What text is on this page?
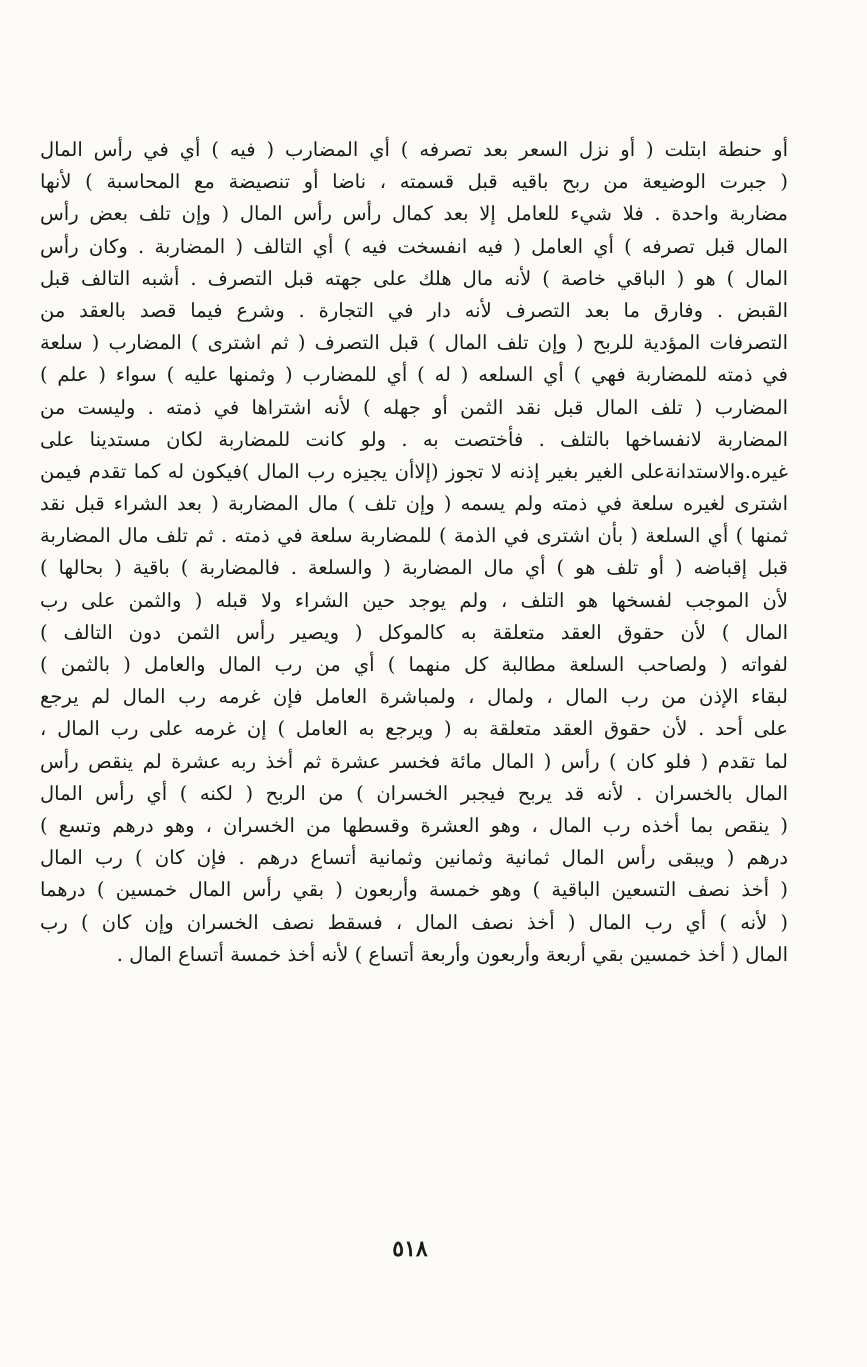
أو حنطة ابتلت ( أو نزل السعر بعد تصرفه ) أي المضارب ( فيه ) أي في رأس المال
( جبرت الوضيعة من ربح باقيه قبل قسمته ، ناضا أو تنصيضة مع المحاسبة ) لأنها
مضاربة واحدة . فلا شيء للعامل إلا بعد كمال رأس رأس المال ( وإن تلف بعض رأس
المال قبل تصرفه ) أي العامل ( فيه انفسخت فيه ) أي التالف ( المضاربة . وكان رأس
المال ) هو ( الباقي خاصة ) لأنه مال هلك على جهته قبل التصرف . أشبه التالف قبل
القبض . وفارق ما بعد التصرف لأنه دار في التجارة . وشرع فيما قصد بالعقد من
التصرفات المؤدية للربح ( وإن تلف المال ) قبل التصرف ( ثم اشترى ) المضارب ( سلعة
في ذمته للمضاربة فهي ) أي السلعه ( له ) أي للمضارب ( وثمنها عليه ) سواء ( علم )
المضارب ( تلف المال قبل نقد الثمن أو جهله ) لأنه اشتراها في ذمته . وليست من
المضاربة لانفساخها بالتلف . فأختصت به . ولو كانت للمضاربة لكان مستدينا على
غيره.والاستدانةعلى الغير بغير إذنه لا تجوز (إلاأن يجيزه رب المال )فيكون له كما تقدم فيمن
اشترى لغيره سلعة في ذمته ولم يسمه ( وإن تلف ) مال المضاربة ( بعد الشراء قبل نقد
ثمنها ) أي السلعة ( بأن اشترى في الذمة ) للمضاربة سلعة في ذمته . ثم تلف مال المضاربة
قبل إقباضه ( أو تلف هو ) أي مال المضاربة ( والسلعة . فالمضاربة ) باقية ( بحالها )
لأن الموجب لفسخها هو التلف ، ولم يوجد حين الشراء ولا قبله ( والثمن على رب
المال ) لأن حقوق العقد متعلقة به كالموكل ( ويصير رأس الثمن دون التالف )
لفواته ( ولصاحب السلعة مطالبة كل منهما ) أي من رب المال والعامل ( بالثمن )
لبقاء الإذن من رب المال ، ولمال ، ولمباشرة العامل فإن غرمه رب المال لم يرجع
على أحد . لأن حقوق العقد متعلقة به ( ويرجع به العامل ) إن غرمه على رب المال ،
لما تقدم ( فلو كان ) رأس ( المال مائة فخسر عشرة ثم أخذ ربه عشرة لم ينقص رأس
المال بالخسران . لأنه قد يربح فيجبر الخسران ) من الربح ( لكنه ) أي رأس المال
( ينقص بما أخذه رب المال ، وهو العشرة وقسطها من الخسران ، وهو درهم وتسع )
درهم ( ويبقى رأس المال ثمانية وثمانين وثمانية أتساع درهم . فإن كان ) رب المال
( أخذ نصف التسعين الباقية ) وهو خمسة وأربعون ( بقي رأس المال خمسين ) درهما
( لأنه ) أي رب المال ( أخذ نصف المال ، فسقط نصف الخسران وإن كان ) رب
المال ( أخذ خمسين بقي أربعة وأربعون وأربعة أتساع ) لأنه أخذ خمسة أتساع المال .
٥١٨
